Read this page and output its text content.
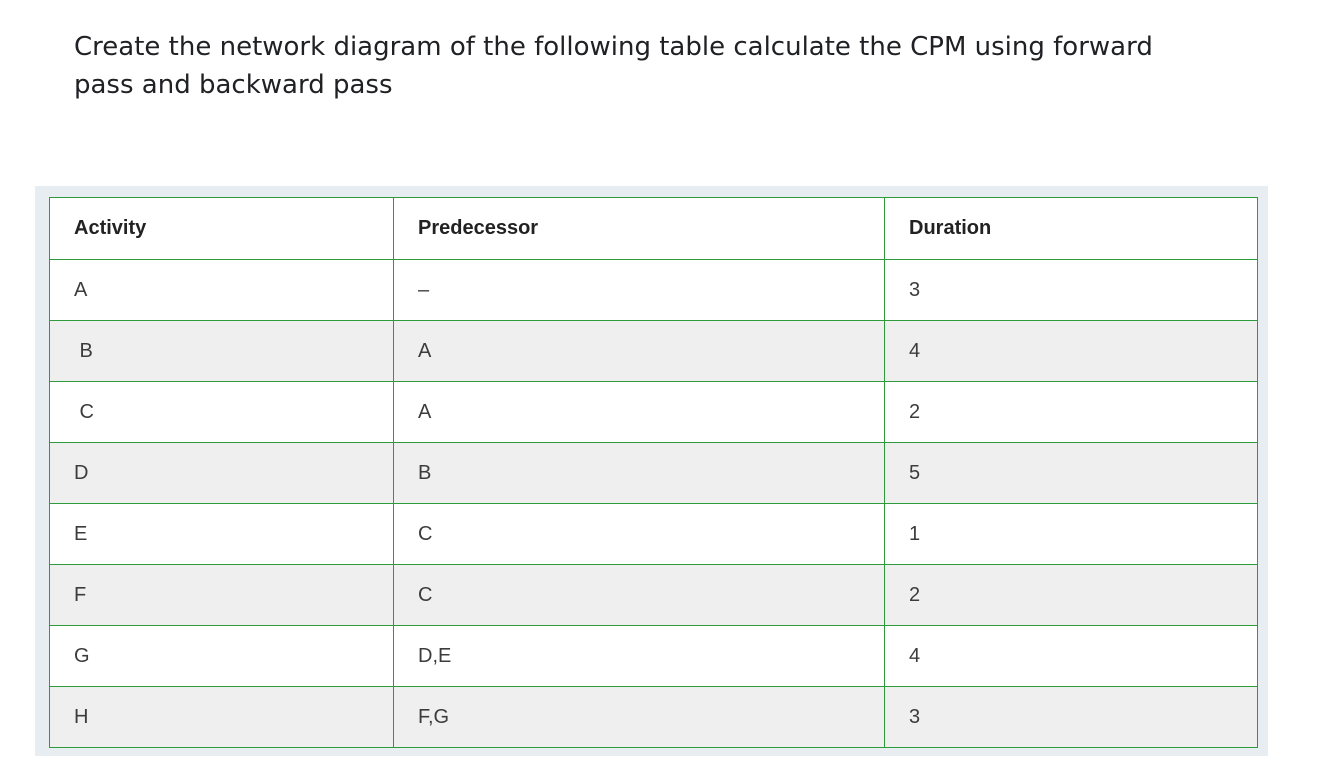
Create the network diagram of the following table calculate the CPM using forward pass and backward pass

Activity	Predecessor	Duration
A	–	3
B	A	4
C	A	2
D	B	5
E	C	1
F	C	2
G	D,E	4
H	F,G	3
